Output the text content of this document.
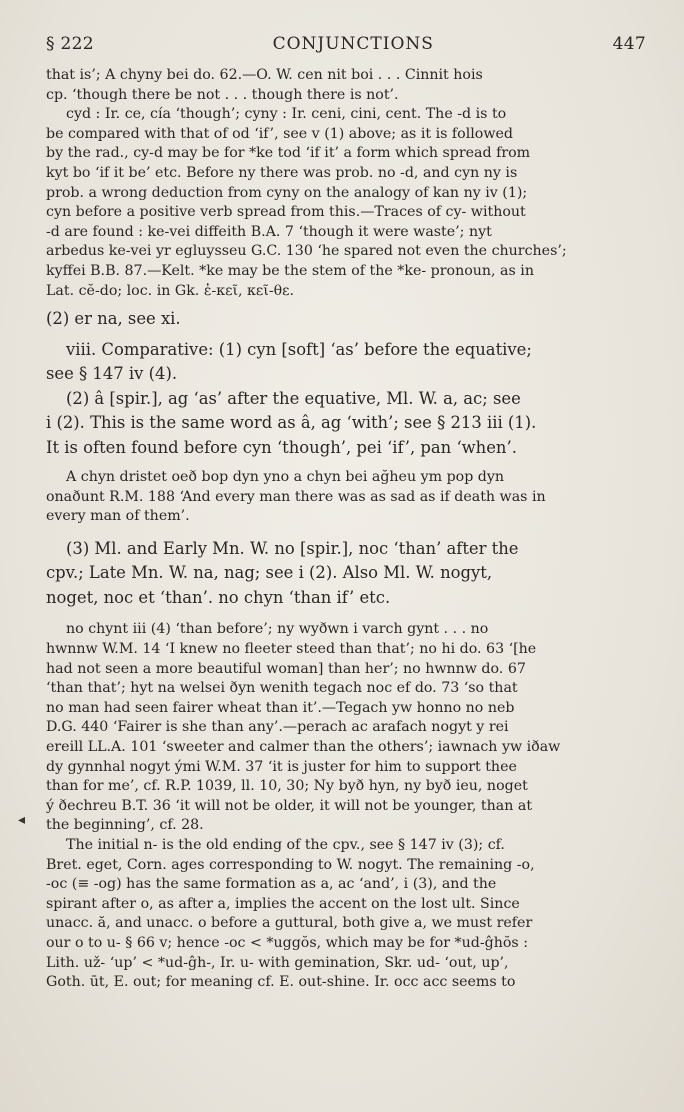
§ 222	CONJUNCTIONS	447
that is’; A chyny bei do. 62.—O. W. cen nit boi . . . Cinnit hois
cp. ‘though there be not . . . though there is not’.
cyd : Ir. ce, cía ‘though’; cyny : Ir. ceni, cini, cent. The -d is to
be compared with that of od ‘if’, see v (1) above; as it is followed
by the rad., cy-d may be for *ke tod ‘if it’ a form which spread from
kyt bo ‘if it be’ etc. Before ny there was prob. no -d, and cyn ny is
prob. a wrong deduction from cyny on the analogy of kan ny iv (1);
cyn before a positive verb spread from this.—Traces of cy- without
-d are found : ke-vei diffeith B.A. 7 ‘though it were waste’; nyt
arbedus ke-vei yr egluysseu G.C. 130 ‘he spared not even the churches’;
kyffei B.B. 87.—Kelt. *ke may be the stem of the *ke- pronoun, as in
Lat. cĕ-do; loc. in Gk. ἐ-κεῖ, κεῖ-θε.
(2) er na, see xi.
viii. Comparative: (1) cyn [soft] ‘as’ before the equative;
see § 147 iv (4).
(2) â [spir.], ag ‘as’ after the equative, Ml. W. a, ac; see
i (2). This is the same word as â, ag ‘with’; see § 213 iii (1).
It is often found before cyn ‘though’, pei ‘if’, pan ‘when’.
A chyn dristet oeð bop dyn yno a chyn bei ağheu ym pop dyn
onaðunt R.M. 188 ‘And every man there was as sad as if death was in
every man of them’.
(3) Ml. and Early Mn. W. no [spir.], noc ‘than’ after the
cpv.; Late Mn. W. na, nag; see i (2). Also Ml. W. nogyt,
noget, noc et ‘than’. no chyn ‘than if’ etc.
no chynt iii (4) ‘than before’; ny wyðwn i varch gynt . . . no
hwnnw W.M. 14 ‘I knew no fleeter steed than that’; no hi do. 63 ‘[he
had not seen a more beautiful woman] than her’; no hwnnw do. 67
‘than that’; hyt na welsei ðyn wenith tegach noc ef do. 73 ‘so that
no man had seen fairer wheat than it’.—Tegach yw honno no neb
D.G. 440 ‘Fairer is she than any’.—perach ac arafach nogyt y rei
ereill LL.A. 101 ‘sweeter and calmer than the others’; iawnach yw iðaw
dy gynnhal nogyt ými W.M. 37 ‘it is juster for him to support thee
than for me’, cf. R.P. 1039, ll. 10, 30; Ny byð hyn, ny byð ieu, noget
ý ðechreu B.T. 36 ‘it will not be older, it will not be younger, than at
the beginning’, cf. 28.
The initial n- is the old ending of the cpv., see § 147 iv (3); cf.
Bret. eget, Corn. ages corresponding to W. nogyt. The remaining -o,
-oc (≡ -og) has the same formation as a, ac ‘and’, i (3), and the
spirant after o, as after a, implies the accent on the lost ult. Since
unacc. ă, and unacc. o before a guttural, both give a, we must refer
our o to u- § 66 v; hence -oc < *uggŏs, which may be for *ud-ĝhŏs :
Lith. už- ‘up’ < *ud-ĝh-, Ir. u- with gemination, Skr. ud- ‘out, up’,
Goth. ūt, E. out; for meaning cf. E. out-shine. Ir. occ acc seems to
◂
